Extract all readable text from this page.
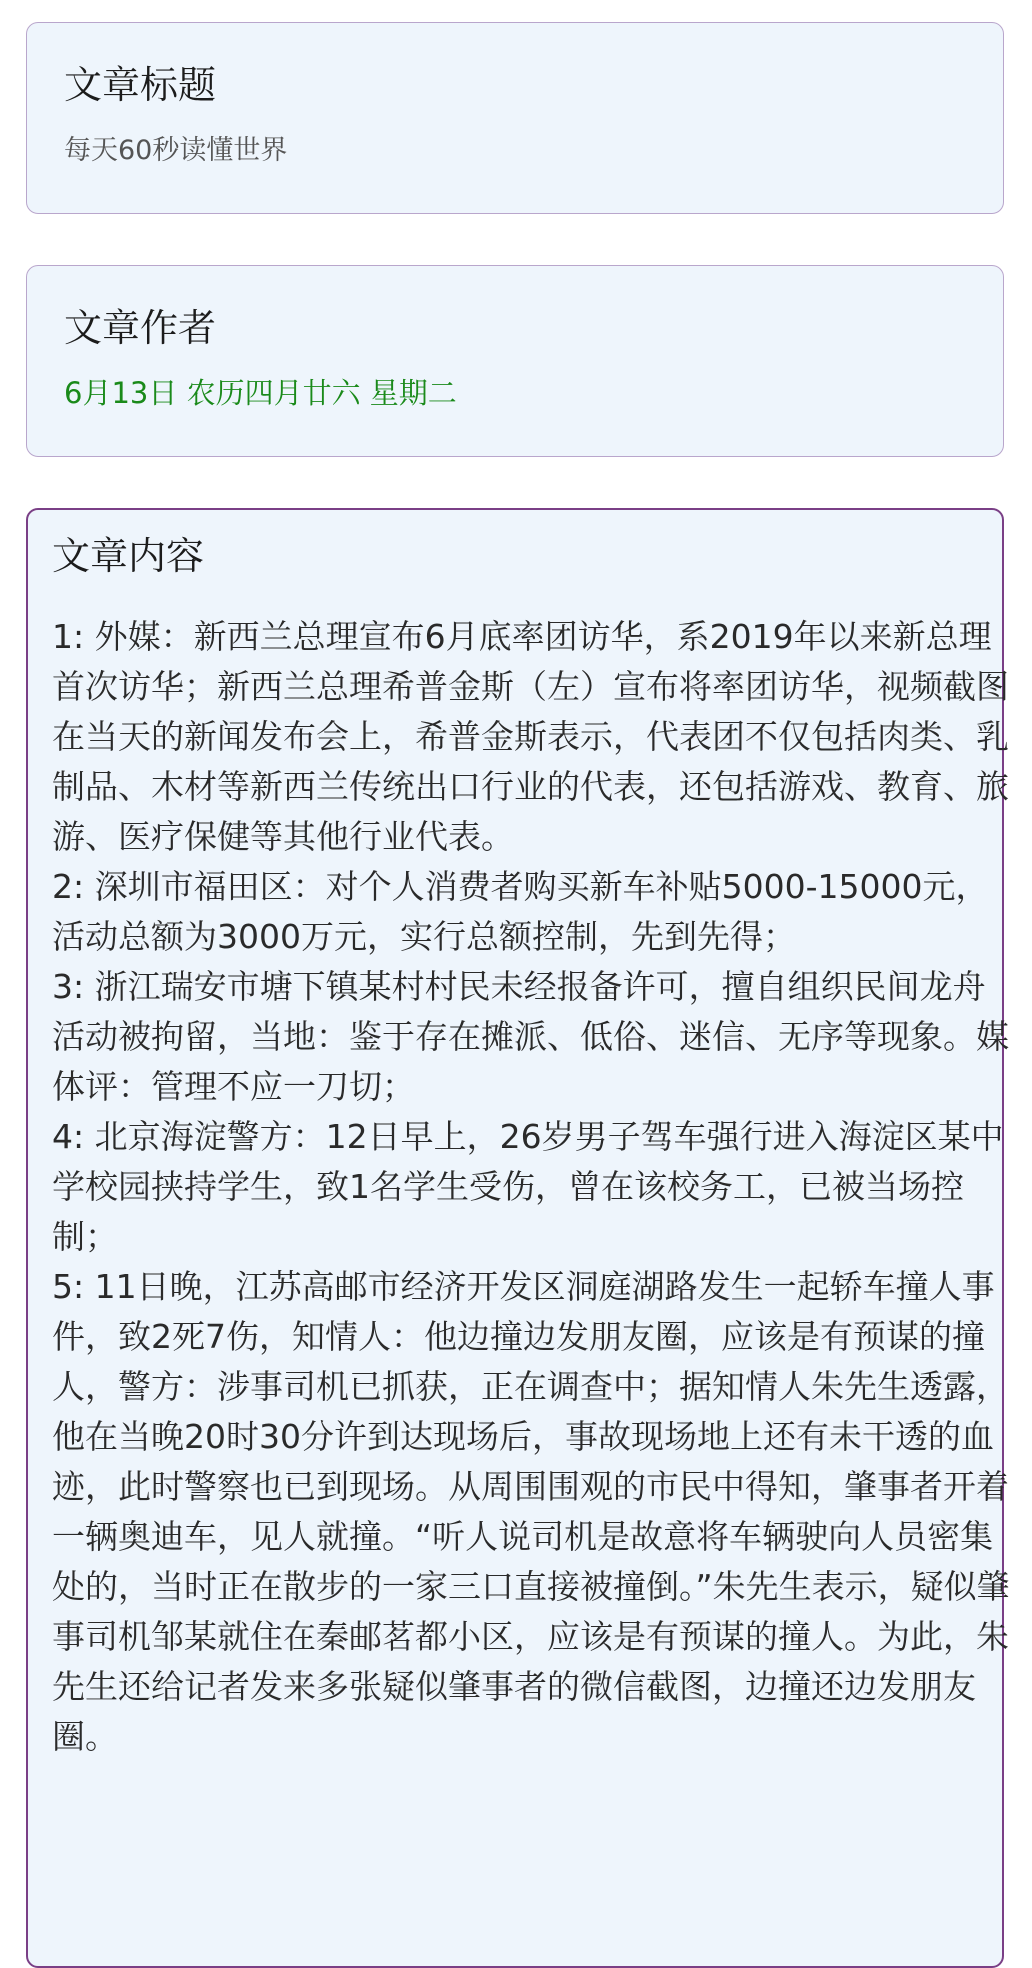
文章标题

每天60秒读懂世界

文章作者

6月13日 农历四月廿六 星期二

文章内容

1: 外媒：新西兰总理宣布6月底率团访华，系2019年以来新总理首次访华；新西兰总理希普金斯（左）宣布将率团访华，视频截图在当天的新闻发布会上，希普金斯表示，代表团不仅包括肉类、乳制品、木材等新西兰传统出口行业的代表，还包括游戏、教育、旅游、医疗保健等其他行业代表。

2: 深圳市福田区：对个人消费者购买新车补贴5000-15000元，活动总额为3000万元，实行总额控制，先到先得；

3: 浙江瑞安市塘下镇某村村民未经报备许可，擅自组织民间龙舟活动被拘留，当地：鉴于存在摊派、低俗、迷信、无序等现象。媒体评：管理不应一刀切；

4: 北京海淀警方：12日早上，26岁男子驾车强行进入海淀区某中学校园挟持学生，致1名学生受伤，曾在该校务工，已被当场控制；

5: 11日晚，江苏高邮市经济开发区洞庭湖路发生一起轿车撞人事件，致2死7伤，知情人：他边撞边发朋友圈，应该是有预谋的撞人，警方：涉事司机已抓获，正在调查中；据知情人朱先生透露，他在当晚20时30分许到达现场后，事故现场地上还有未干透的血迹，此时警察也已到现场。从周围围观的市民中得知，肇事者开着一辆奥迪车，见人就撞。“听人说司机是故意将车辆驶向人员密集处的，当时正在散步的一家三口直接被撞倒。”朱先生表示，疑似肇事司机邹某就住在秦邮茗都小区，应该是有预谋的撞人。为此，朱先生还给记者发来多张疑似肇事者的微信截图，边撞还边发朋友圈。
